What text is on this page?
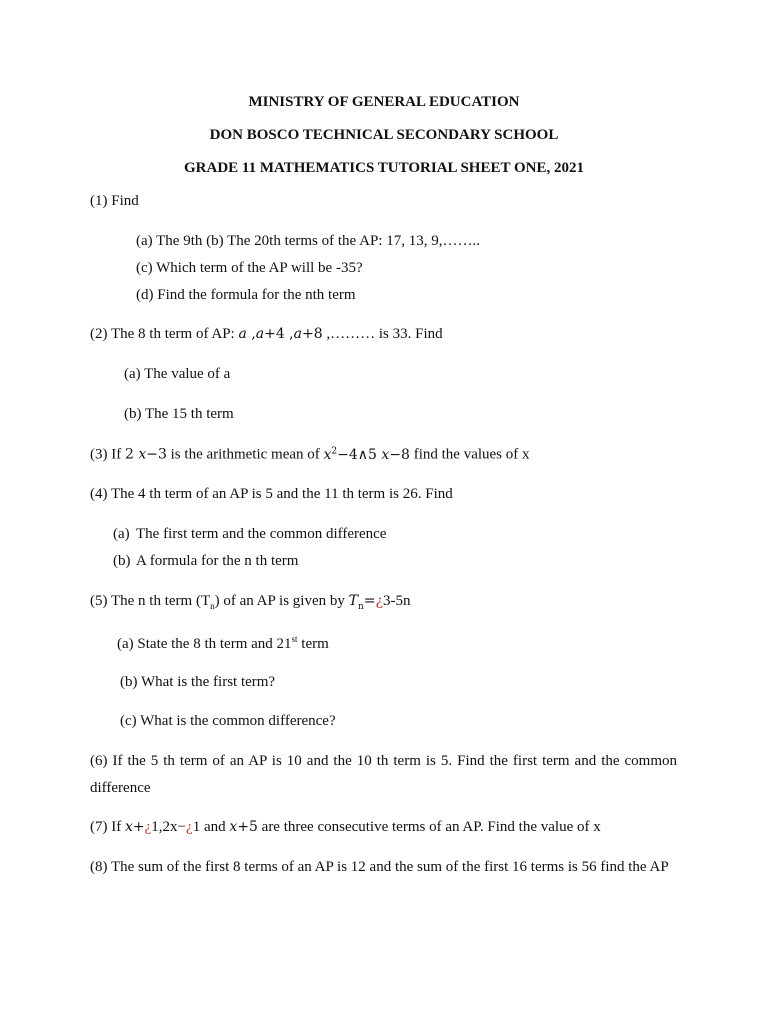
MINISTRY OF GENERAL EDUCATION
DON BOSCO TECHNICAL SECONDARY SCHOOL
GRADE 11 MATHEMATICS TUTORIAL SHEET ONE, 2021
(1) Find
(a) The 9th (b) The 20th terms of the AP: 17, 13, 9,……..
(c) Which term of the AP will be -35?
(d) Find the formula for the nth term
(2) The 8 th term of AP: a ,a+4 ,a+8 ,……… is 33. Find
(a) The value of a
(b) The 15 th term
(3) If 2 x−3 is the arithmetic mean of $x^2-4\wedge 5$ x−8 find the values of x
(4) The 4 th term of an AP is 5 and the 11 th term is 26. Find
(a) The first term and the common difference
(b) A formula for the n th term
(5) The n th term $(T_n)$ of an AP is given by $T_n=¿3-5n$
(a) State the 8 th term and 21st term
(b) What is the first term?
(c) What is the common difference?
(6) If the 5 th term of an AP is 10 and the 10 th term is 5. Find the first term and the common
difference
(7) If x+¿1,2x−¿1 and x+5 are three consecutive terms of an AP. Find the value of x
(8) The sum of the first 8 terms of an AP is 12 and the sum of the first 16 terms is 56 find the AP
